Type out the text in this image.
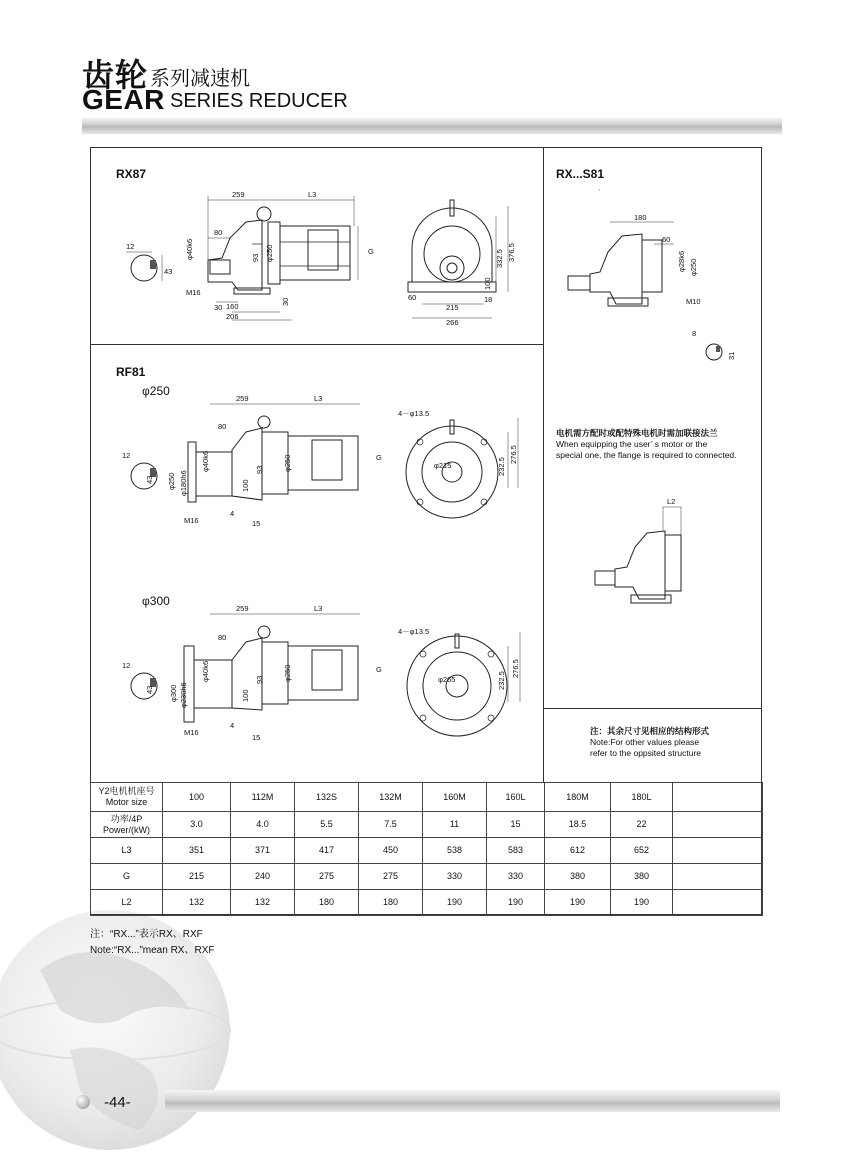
齿轮 系列减速机
GEAR SERIES REDUCER
RX87	RX...S81
RF81
φ250
φ300
12
43
259	L3
80
M16
φ40k6	φ250
93
G
30 160
206
30
332.5 376.5
100
60
215
266
18
·
180
60
φ28k6 φ250
M10
8
31
电机需方配时或配特殊电机时需加联接法兰
When equipping the user’ s motor or the
special one, the flange is required to connected.
L2
注：其余尺寸见相应的结构形式
Note:For other values please
refer to the oppsited structure
12
43
259	L3
80
φ250 φ180h6
φ40k6
100
93	φ250	G
M16
4
15
4－φ13.5
φ215	232.5
276.5
12
43
259	L3
80
φ300 φ230h6
φ40k6
100
93	φ250	G
M16
4
15
4－φ13.5
φ265	232.5
276.5
Y2电机机座号
Motor size	100	112M	132S	132M	160M	160L	180M	180L	

功率/4P
Power/(kW)	3.0	4.0	5.5	7.5	11	15	18.5	22	
L3	351	371	417	450	538	583	612	652	
G	215	240	275	275	330	330	380	380	
L2	132	132	180	180	190	190	190	190	
注：“RX...”表示RX、RXF
Note:“RX...”mean RX、RXF
-44-
